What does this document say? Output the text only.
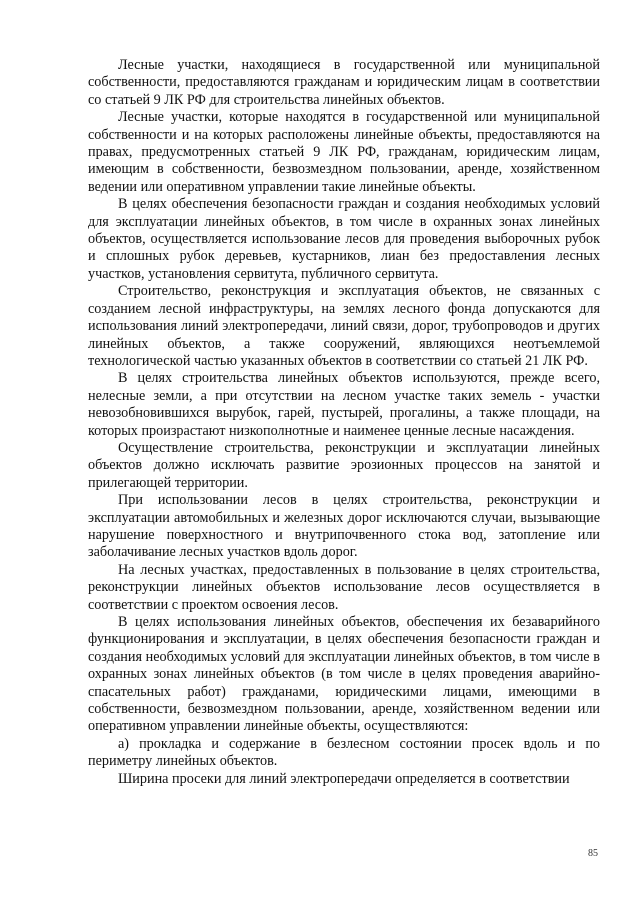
Лесные участки, находящиеся в государственной или муниципальной собственности, предоставляются гражданам и юридическим лицам в соответствии со статьей 9 ЛК РФ для строительства линейных объектов.

Лесные участки, которые находятся в государственной или муниципальной собственности и на которых расположены линейные объекты, предоставляются на правах, предусмотренных статьей 9 ЛК РФ, гражданам, юридическим лицам, имеющим в собственности, безвозмездном пользовании, аренде, хозяйственном ведении или оперативном управлении такие линейные объекты.

В целях обеспечения безопасности граждан и создания необходимых условий для эксплуатации линейных объектов, в том числе в охранных зонах линейных объектов, осуществляется использование лесов для проведения выборочных рубок и сплошных рубок деревьев, кустарников, лиан без предоставления лесных участков, установления сервитута, публичного сервитута.

Строительство, реконструкция и эксплуатация объектов, не связанных с созданием лесной инфраструктуры, на землях лесного фонда допускаются для использования линий электропередачи, линий связи, дорог, трубопроводов и других линейных объектов, а также сооружений, являющихся неотъемлемой технологической частью указанных объектов в соответствии со статьей 21 ЛК РФ.

В целях строительства линейных объектов используются, прежде всего, нелесные земли, а при отсутствии на лесном участке таких земель - участки невозобновившихся вырубок, гарей, пустырей, прогалины, а также площади, на которых произрастают низкополнотные и наименее ценные лесные насаждения.

Осуществление строительства, реконструкции и эксплуатации линейных объектов должно исключать развитие эрозионных процессов на занятой и прилегающей территории.

При использовании лесов в целях строительства, реконструкции и эксплуатации автомобильных и железных дорог исключаются случаи, вызывающие нарушение поверхностного и внутрипочвенного стока вод, затопление или заболачивание лесных участков вдоль дорог.

На лесных участках, предоставленных в пользование в целях строительства, реконструкции линейных объектов использование лесов осуществляется в соответствии с проектом освоения лесов.

В целях использования линейных объектов, обеспечения их безаварийного функционирования и эксплуатации, в целях обеспечения безопасности граждан и создания необходимых условий для эксплуатации линейных объектов, в том числе в охранных зонах линейных объектов (в том числе в целях проведения аварийно-спасательных работ) гражданами, юридическими лицами, имеющими в собственности, безвозмездном пользовании, аренде, хозяйственном ведении или оперативном управлении линейные объекты, осуществляются:

а) прокладка и содержание в безлесном состоянии просек вдоль и по периметру линейных объектов.

Ширина просеки для линий электропередачи определяется в соответствии

85
